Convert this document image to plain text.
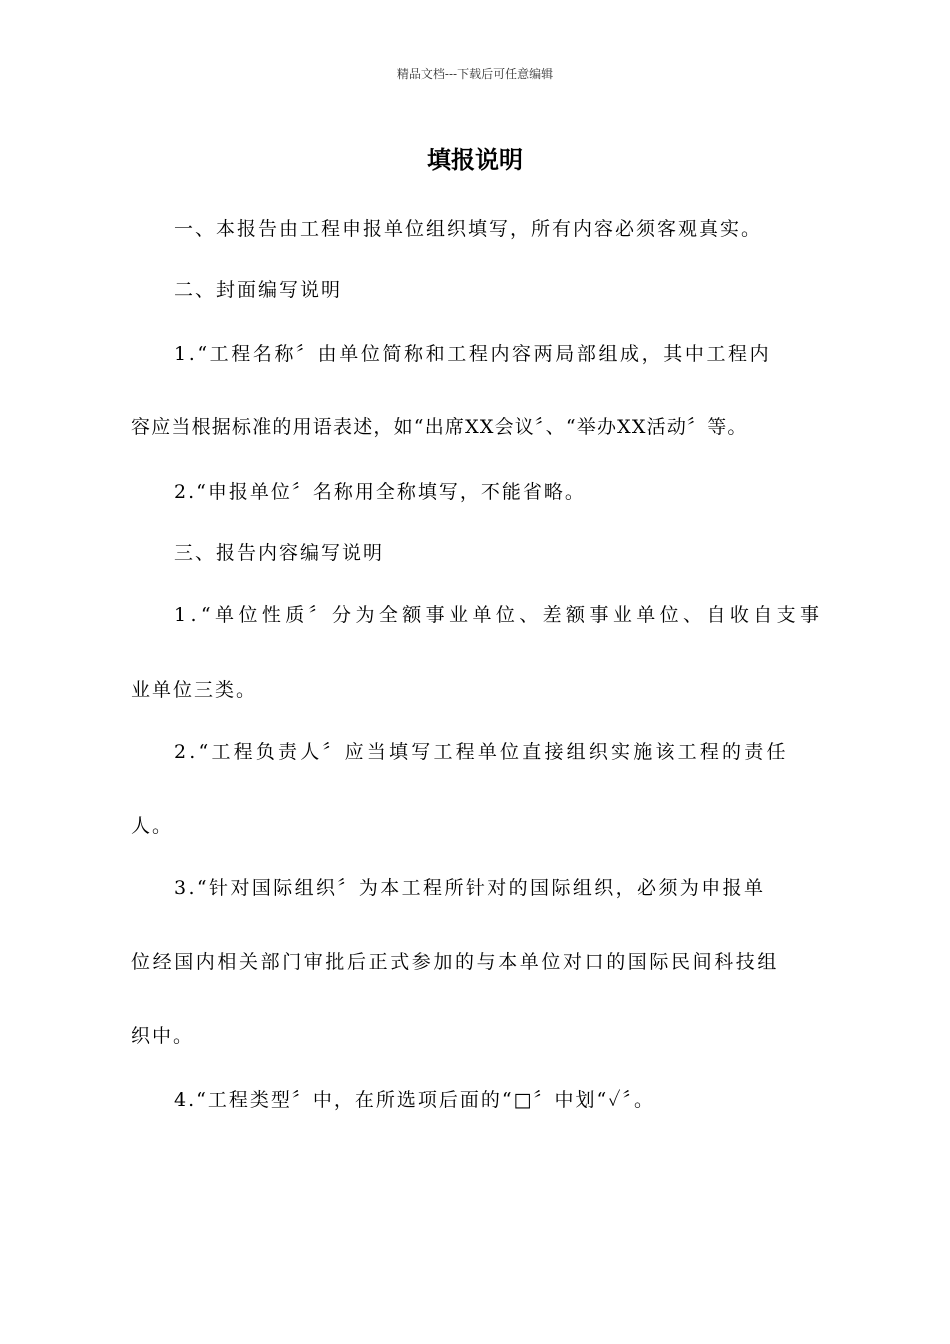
精品文档---下载后可任意编辑
填报说明
一、本报告由工程申报单位组织填写，所有内容必须客观真实。
二、封面编写说明
1.“工程名称〞由单位简称和工程内容两局部组成，其中工程内
容应当根据标准的用语表述，如“出席XX会议〞、“举办XX活动〞等。
2.“申报单位〞名称用全称填写，不能省略。
三、报告内容编写说明
1.“单位性质〞分为全额事业单位、差额事业单位、自收自支事
业单位三类。
2.“工程负责人〞应当填写工程单位直接组织实施该工程的责任
人。
3.“针对国际组织〞为本工程所针对的国际组织，必须为申报单
位经国内相关部门审批后正式参加的与本单位对口的国际民间科技组
织中。
4.“工程类型〞中，在所选项后面的“□〞中划“✓〞。
